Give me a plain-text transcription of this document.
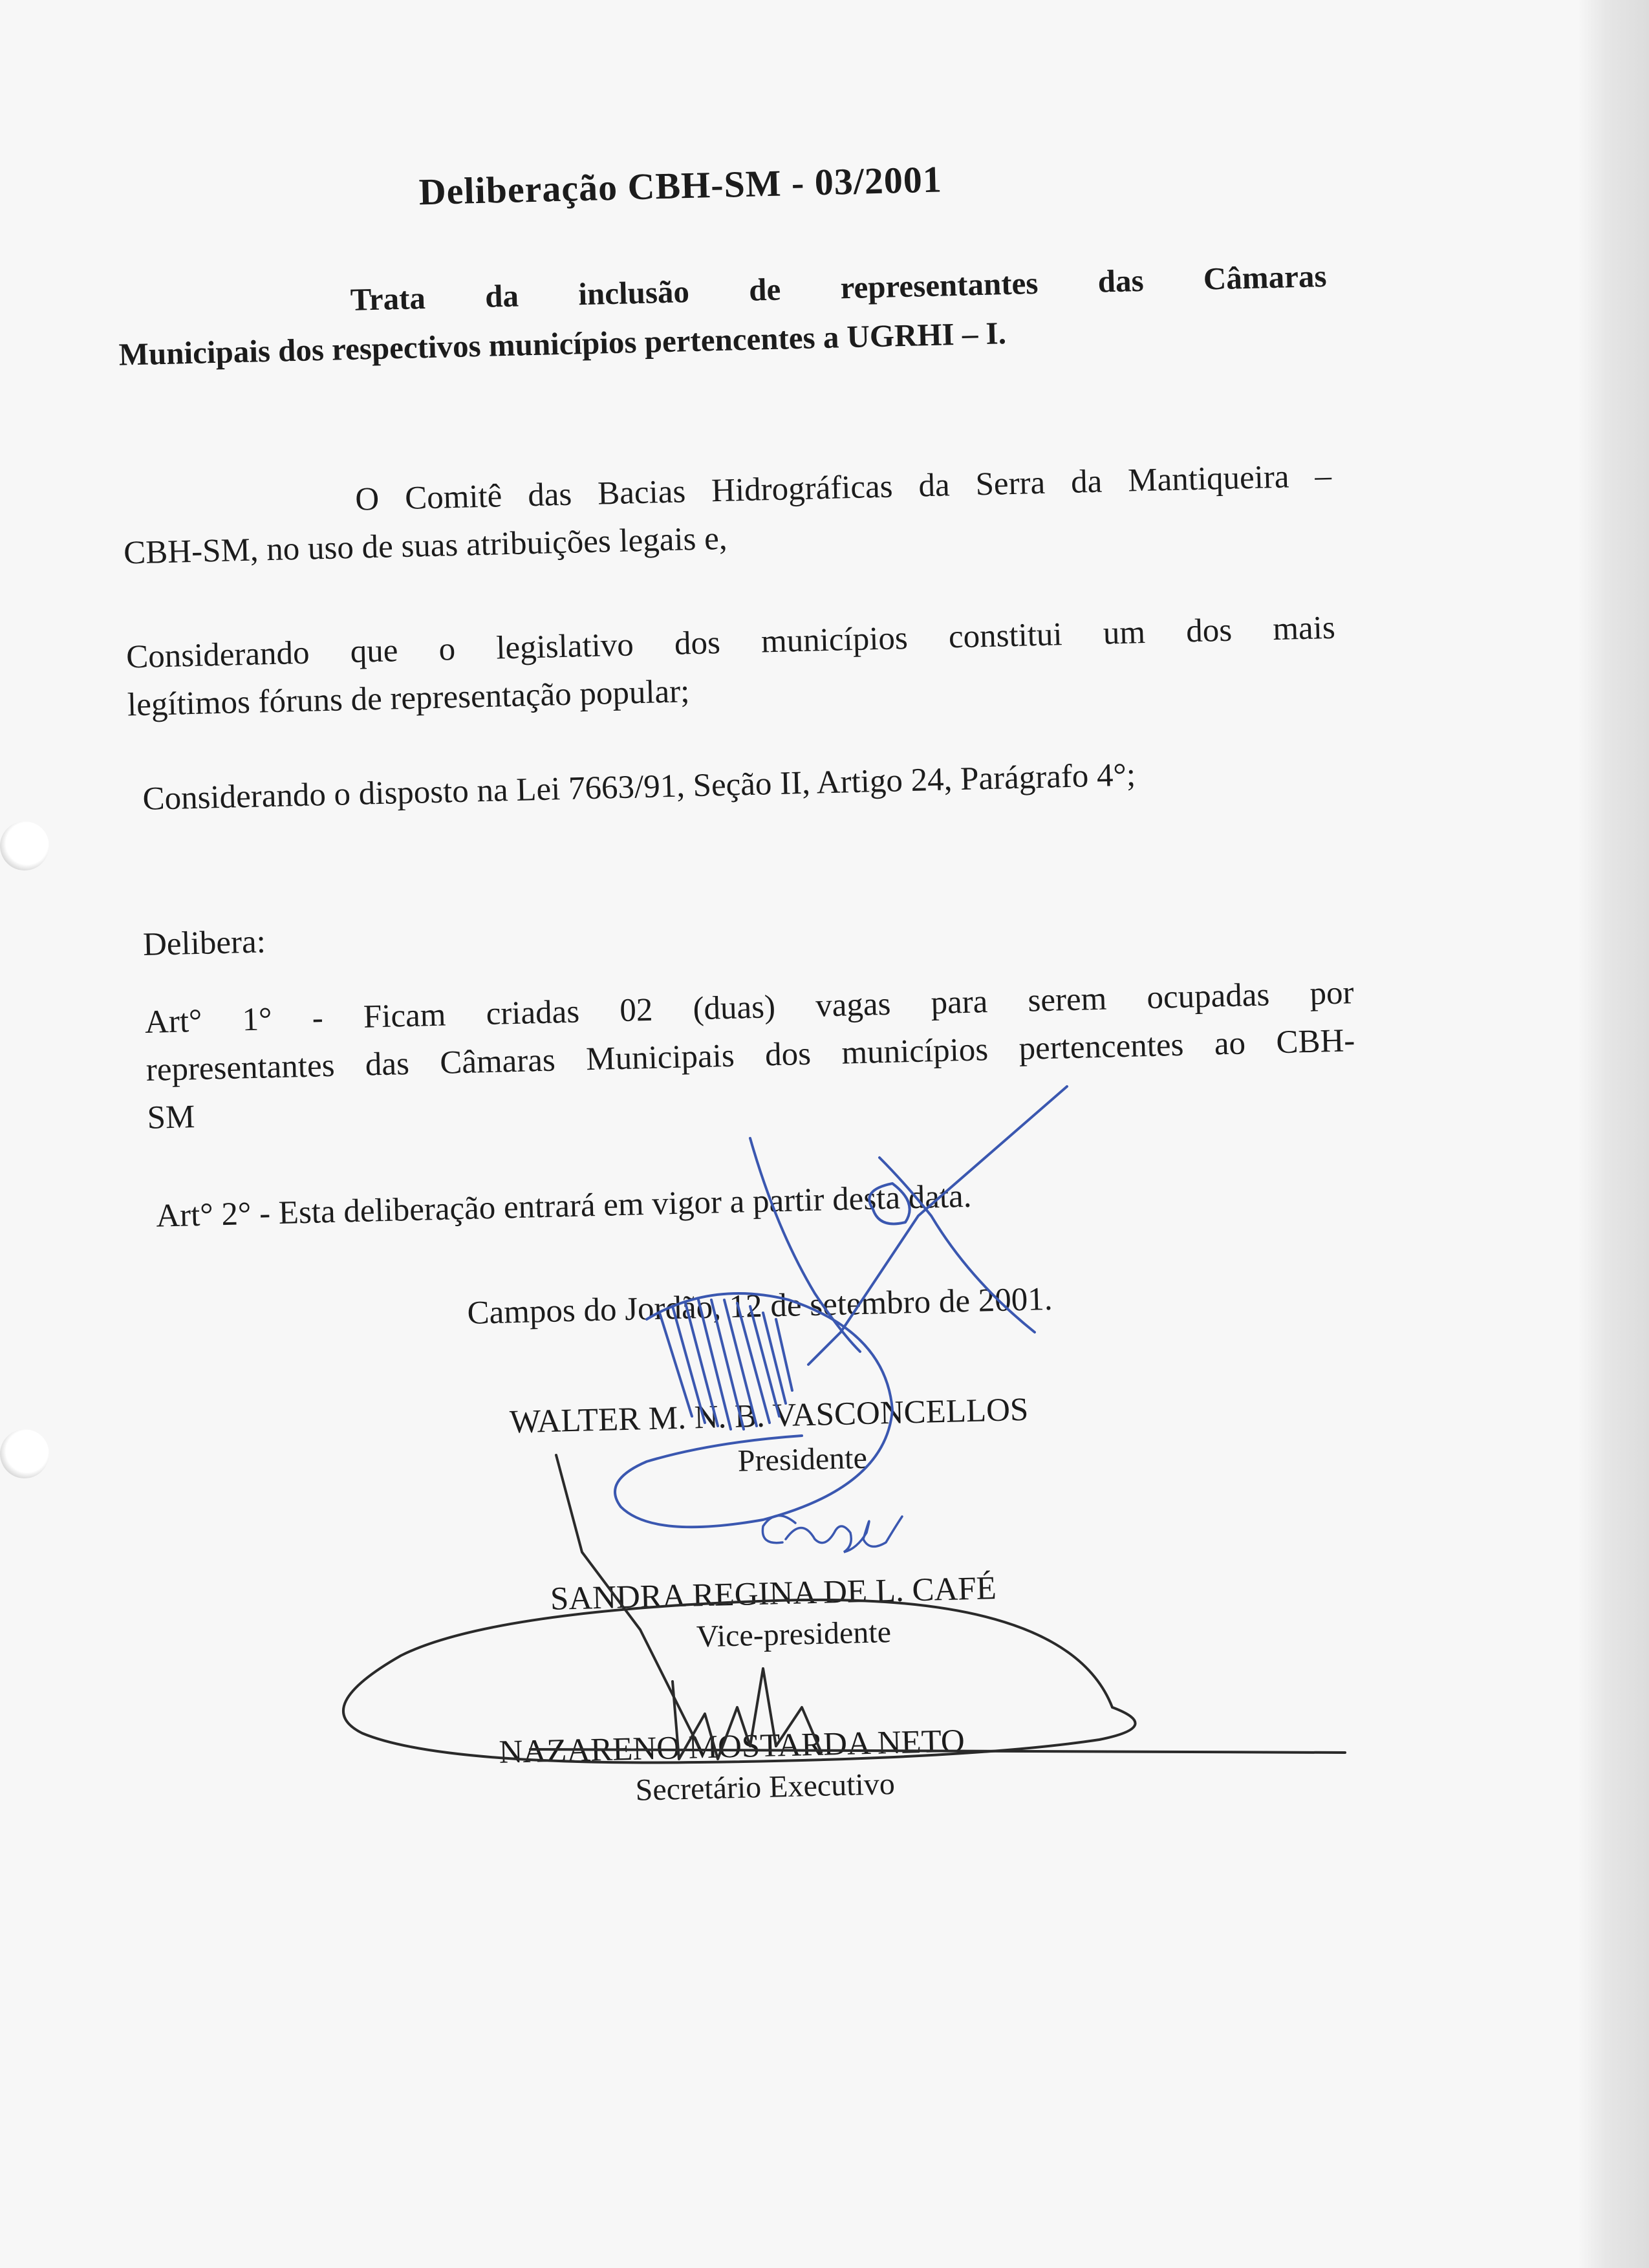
Deliberação CBH-SM - 03/2001
Trata da inclusão de representantes das Câmaras
Municipais dos respectivos municípios pertencentes a UGRHI – I.
O Comitê das Bacias Hidrográficas da Serra da Mantiqueira –
CBH-SM, no uso de suas atribuições legais e,
Considerando que o legislativo dos municípios constitui um dos mais
legítimos fóruns de representação popular;
Considerando o disposto na Lei 7663/91, Seção II, Artigo 24, Parágrafo 4°;
Delibera:
Art° 1° - Ficam criadas 02 (duas) vagas para serem ocupadas por
representantes das Câmaras Municipais dos municípios pertencentes ao CBH-
SM
Art° 2° - Esta deliberação entrará em vigor a partir desta data.
Campos do Jordão, 12 de setembro de 2001.
WALTER M. N. B. VASCONCELLOS
Presidente
SANDRA REGINA DE L. CAFÉ
Vice-presidente
NAZARENO MOSTARDA NETO
Secretário Executivo
